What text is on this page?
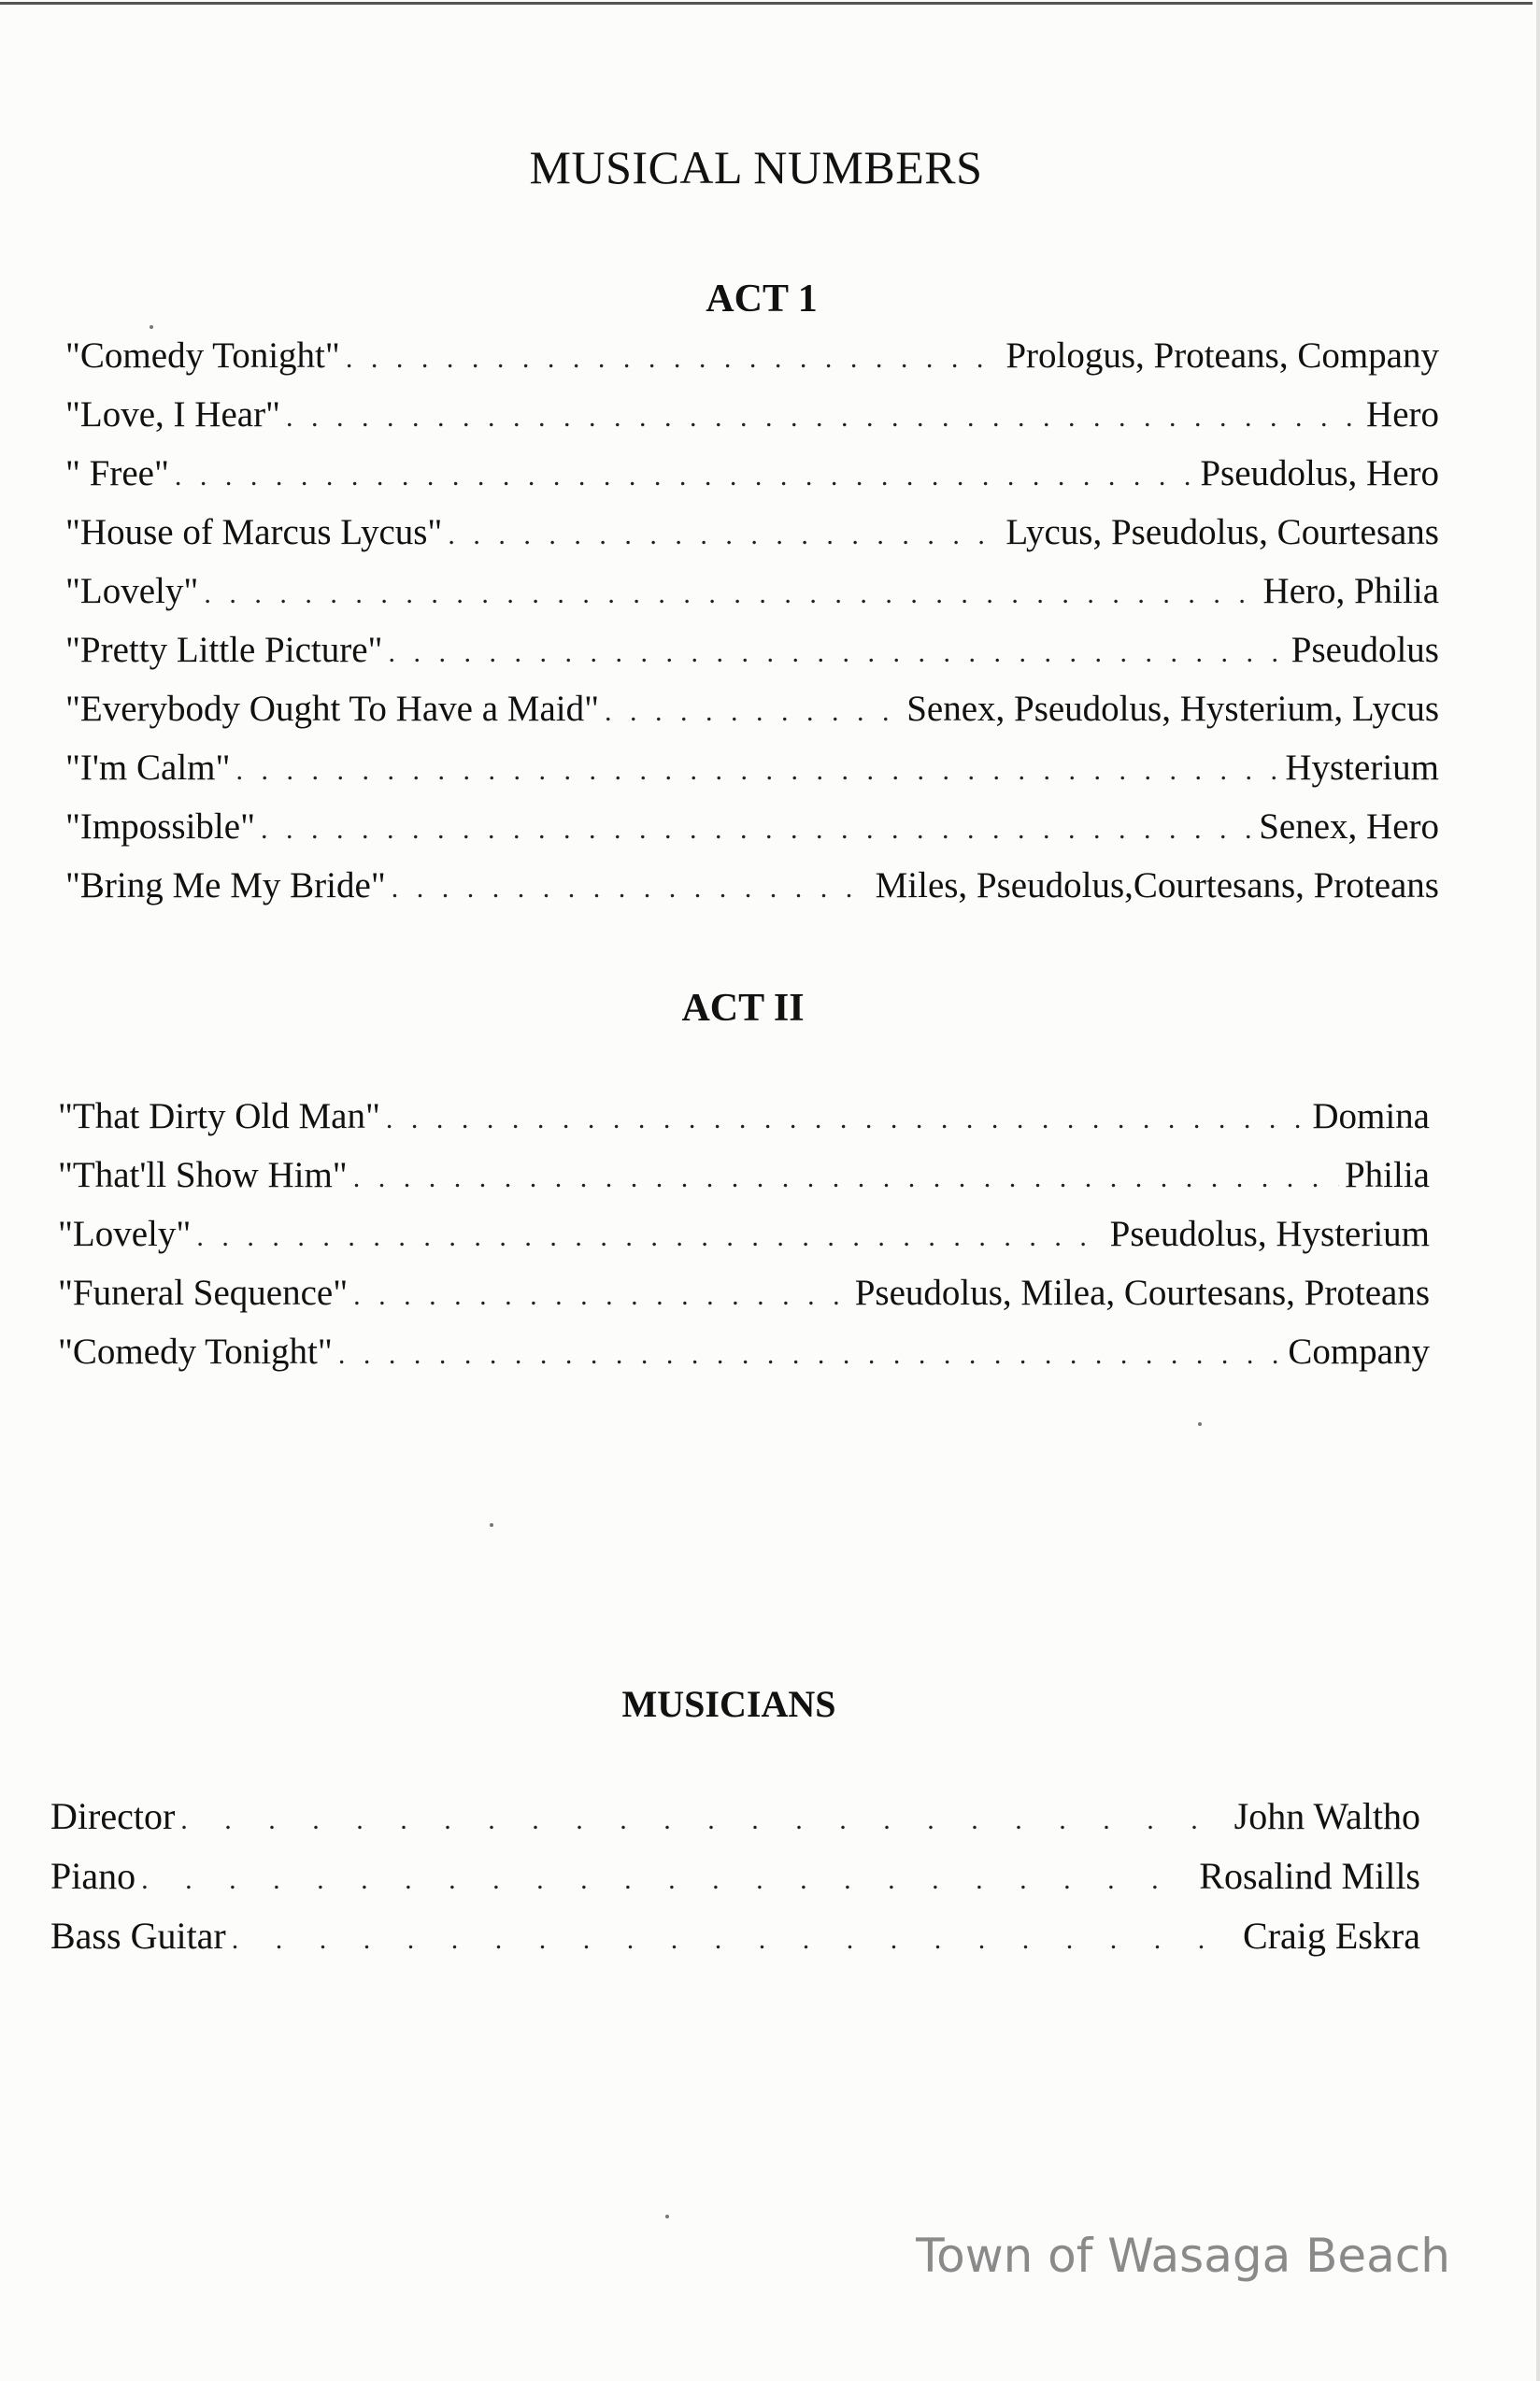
MUSICAL NUMBERS
ACT 1
"Comedy Tonight" . . .	Prologus, Proteans, Company
"Love, I Hear" . . .	Hero
" Free" . . .	Pseudolus, Hero
"House of Marcus Lycus" . . .	Lycus, Pseudolus, Courtesans
"Lovely" . . .	Hero, Philia
"Pretty Little Picture" . . .	Pseudolus
"Everybody Ought To Have a Maid" . . .	Senex, Pseudolus, Hysterium, Lycus
"I'm Calm" . . .	Hysterium
"Impossible" . . .	Senex, Hero
"Bring Me My Bride" . . .	Miles, Pseudolus,Courtesans, Proteans
ACT II
"That Dirty Old Man" . . .	Domina
"That'll Show Him" . . .	Philia
"Lovely" . . .	Pseudolus, Hysterium
"Funeral Sequence" . . .	Pseudolus, Milea, Courtesans, Proteans
"Comedy Tonight" . . .	Company
MUSICIANS
Director . . .	John Waltho
Piano . . .	Rosalind Mills
Bass Guitar . . .	Craig Eskra
Town of Wasaga Beach
